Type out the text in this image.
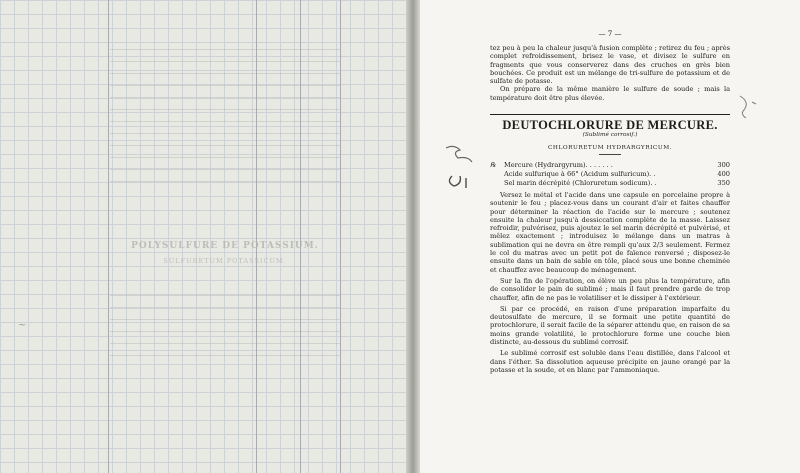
POLYSULFURE DE POTASSIUM.
SULFURETUM POTASSICUM.
~
— 7 —

tez peu à peu la chaleur jusqu'à fusion complète ; retirez du feu ; après complet refroidissement, brisez le vase, et divisez le sulfure en fragments que vous conserverez dans des cruches en grès bien bouchées. Ce produit est un mélange de tri-sulfure de potassium et de sulfate de potasse.

On prépare de la même manière le sulfure de soude ; mais la température doit être plus élevée.

DEUTOCHLORURE DE MERCURE.

(Sublimé corrosif.)

CHLORURETUM HYDRARGYRICUM.

℞	Mercure (Hydrargyrum). . . . . . .	300
Acide sulfurique à 66° (Acidum sulfuricum). .	400
Sel marin décrépité (Chloruretum sodicum). .	350

Versez le métal et l'acide dans une capsule en porcelaine propre à soutenir le feu ; placez-vous dans un courant d'air et faites chauffer pour déterminer la réaction de l'acide sur le mercure ; soutenez ensuite la chaleur jusqu'à dessiccation complète de la masse. Laissez refroidir, pulvérisez, puis ajoutez le sel marin décrépité et pulvérisé, et mêlez exactement ; introduisez le mélange dans un matras à sublimation qui ne devra en être rempli qu'aux 2/3 seulement. Fermez le col du matras avec un petit pot de faïence renversé ; disposez-le ensuite dans un bain de sable en tôle, placé sous une bonne cheminée et chauffez avec beaucoup de ménagement.

Sur la fin de l'opération, on élève un peu plus la température, afin de consolider le pain de sublimé ; mais il faut prendre garde de trop chauffer, afin de ne pas le volatiliser et le dissiper à l'extérieur.

Si par ce procédé, en raison d'une préparation imparfaite du deutosulfate de mercure, il se formait une petite quantité de protochlorure, il serait facile de la séparer attendu que, en raison de sa moins grande volatilité, le protochlorure forme une couche bien distincte, au-dessous du sublimé corrosif.

Le sublimé corrosif est soluble dans l'eau distillée, dans l'alcool et dans l'éther. Sa dissolution aqueuse précipite en jaune orangé par la potasse et la soude, et en blanc par l'ammoniaque.
